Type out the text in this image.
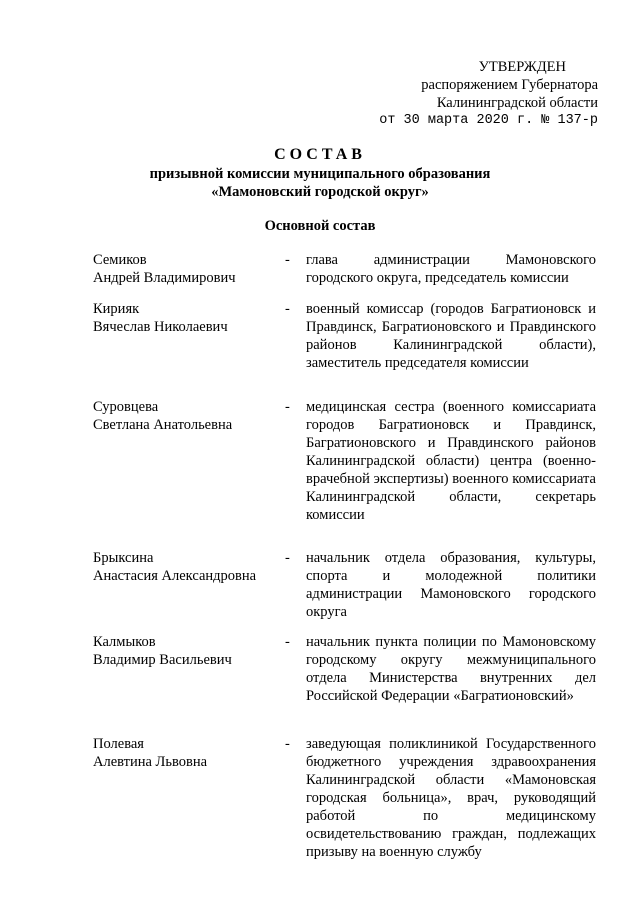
УТВЕРЖДЕН
распоряжением Губернатора
Калининградской области
от 30 марта 2020 г. № 137-р
СОСТАВ
призывной комиссии муниципального образования
«Мамоновский городской округ»
Основной состав
Семиков
Андрей Владимирович
- глава администрации Мамоновского городского округа, председатель комиссии
Кирияк
Вячеслав Николаевич
- военный комиссар (городов Багратионовск и Правдинск, Багратионовского и Правдинского районов Калининградской области), заместитель председателя комиссии
Суровцева
Светлана Анатольевна
- медицинская сестра (военного комиссариата городов Багратионовск и Правдинск, Багратионовского и Правдинского районов Калининградской области) центра (военно-врачебной экспертизы) военного комиссариата Калининградской области, секретарь комиссии
Брыксина
Анастасия Александровна
- начальник отдела образования, культуры, спорта и молодежной политики администрации Мамоновского городского округа
Калмыков
Владимир Васильевич
- начальник пункта полиции по Мамоновскому городскому округу межмуниципального отдела Министерства внутренних дел Российской Федерации «Багратионовский»
Полевая
Алевтина Львовна
- заведующая поликлиникой Государственного бюджетного учреждения здравоохранения Калининградской области «Мамоновская городская больница», врач, руководящий работой по медицинскому освидетельствованию граждан, подлежащих призыву на военную службу
